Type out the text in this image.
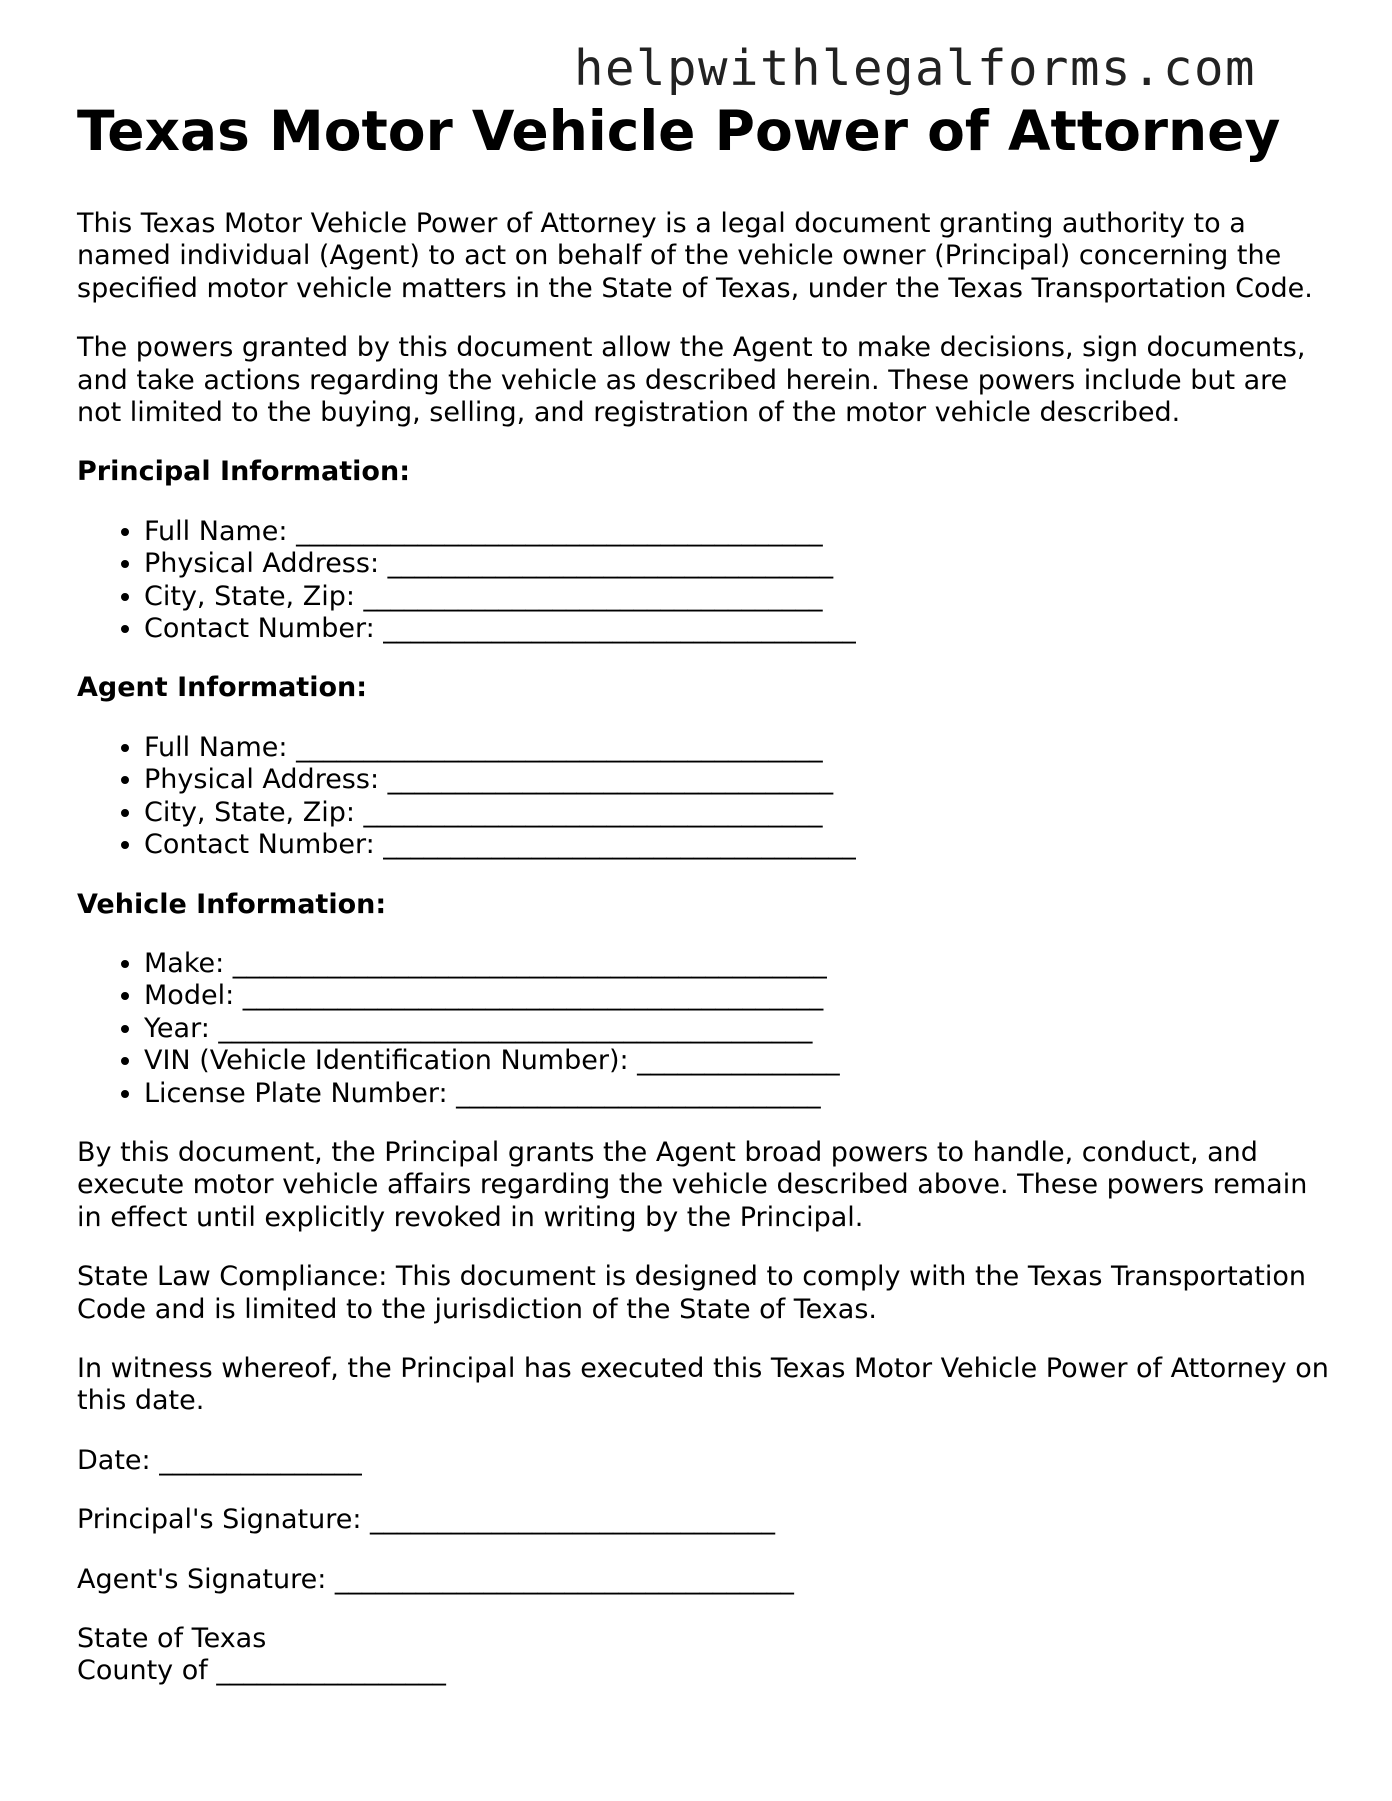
helpwithlegalforms.com
Texas Motor Vehicle Power of Attorney

This Texas Motor Vehicle Power of Attorney is a legal document granting authority to a named individual (Agent) to act on behalf of the vehicle owner (Principal) concerning the specified motor vehicle matters in the State of Texas, under the Texas Transportation Code.

The powers granted by this document allow the Agent to make decisions, sign documents, and take actions regarding the vehicle as described herein. These powers include but are not limited to the buying, selling, and registration of the motor vehicle described.

Principal Information:

• Full Name: _______________________________________
• Physical Address: _________________________________
• City, State, Zip: __________________________________
• Contact Number: ___________________________________

Agent Information:

• Full Name: _______________________________________
• Physical Address: _________________________________
• City, State, Zip: __________________________________
• Contact Number: ___________________________________

Vehicle Information:

• Make: ____________________________________________
• Model: ___________________________________________
• Year: ____________________________________________
• VIN (Vehicle Identification Number): _______________
• License Plate Number: ___________________________

By this document, the Principal grants the Agent broad powers to handle, conduct, and execute motor vehicle affairs regarding the vehicle described above. These powers remain in effect until explicitly revoked in writing by the Principal.

State Law Compliance: This document is designed to comply with the Texas Transportation Code and is limited to the jurisdiction of the State of Texas.

In witness whereof, the Principal has executed this Texas Motor Vehicle Power of Attorney on this date.

Date: _______________

Principal's Signature: ______________________________

Agent's Signature: __________________________________

State of Texas

County of _________________
